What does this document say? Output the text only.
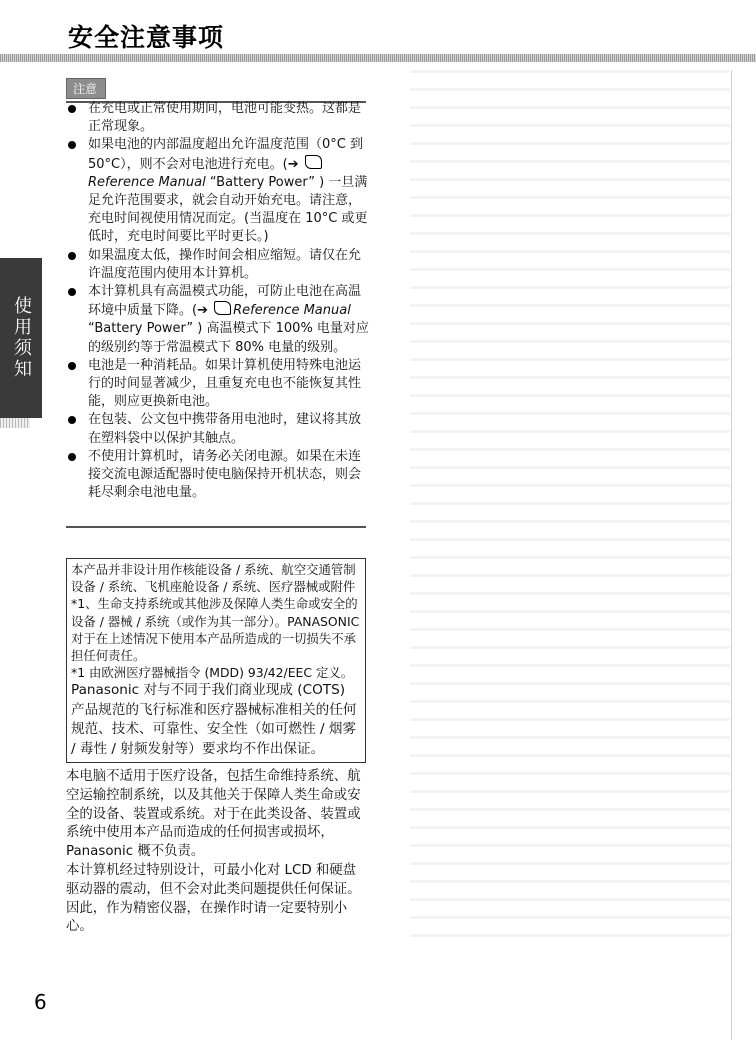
安全注意事项
使用须知
注意
在充电或正常使用期间，电池可能变热。这都是正常现象。
如果电池的内部温度超出允许温度范围（0°C 到 50°C），则不会对电池进行充电。(➔ Reference Manual “Battery Power” ) 一旦满足允许范围要求，就会自动开始充电。请注意，充电时间视使用情况而定。(当温度在 10°C 或更低时，充电时间要比平时更长。)
如果温度太低，操作时间会相应缩短。请仅在允许温度范围内使用本计算机。
本计算机具有高温模式功能，可防止电池在高温环境中质量下降。(➔ Reference Manual “Battery Power” ) 高温模式下 100% 电量对应的级别约等于常温模式下 80% 电量的级别。
电池是一种消耗品。如果计算机使用特殊电池运行的时间显著减少，且重复充电也不能恢复其性能，则应更换新电池。
在包装、公文包中携带备用电池时，建议将其放在塑料袋中以保护其触点。
不使用计算机时，请务必关闭电源。如果在未连接交流电源适配器时使电脑保持开机状态，则会耗尽剩余电池电量。

本产品并非设计用作核能设备 / 系统、航空交通管制设备 / 系统、飞机座舱设备 / 系统、医疗器械或附件 *1、生命支持系统或其他涉及保障人类生命或安全的设备 / 器械 / 系统（或作为其一部分）。PANASONIC 对于在上述情况下使用本产品所造成的一切损失不承担任何责任。

*1 由欧洲医疗器械指令 (MDD) 93/42/EEC 定义。

Panasonic 对与不同于我们商业现成 (COTS) 产品规范的飞行标准和医疗器械标准相关的任何规范、技术、可靠性、安全性（如可燃性 / 烟雾 / 毒性 / 射频发射等）要求均不作出保证。

本电脑不适用于医疗设备，包括生命维持系统、航空运输控制系统，以及其他关于保障人类生命或安全的设备、装置或系统。对于在此类设备、装置或系统中使用本产品而造成的任何损害或损坏，Panasonic 概不负责。

本计算机经过特别设计，可最小化对 LCD 和硬盘驱动器的震动，但不会对此类问题提供任何保证。因此，作为精密仪器，在操作时请一定要特别小心。

6
